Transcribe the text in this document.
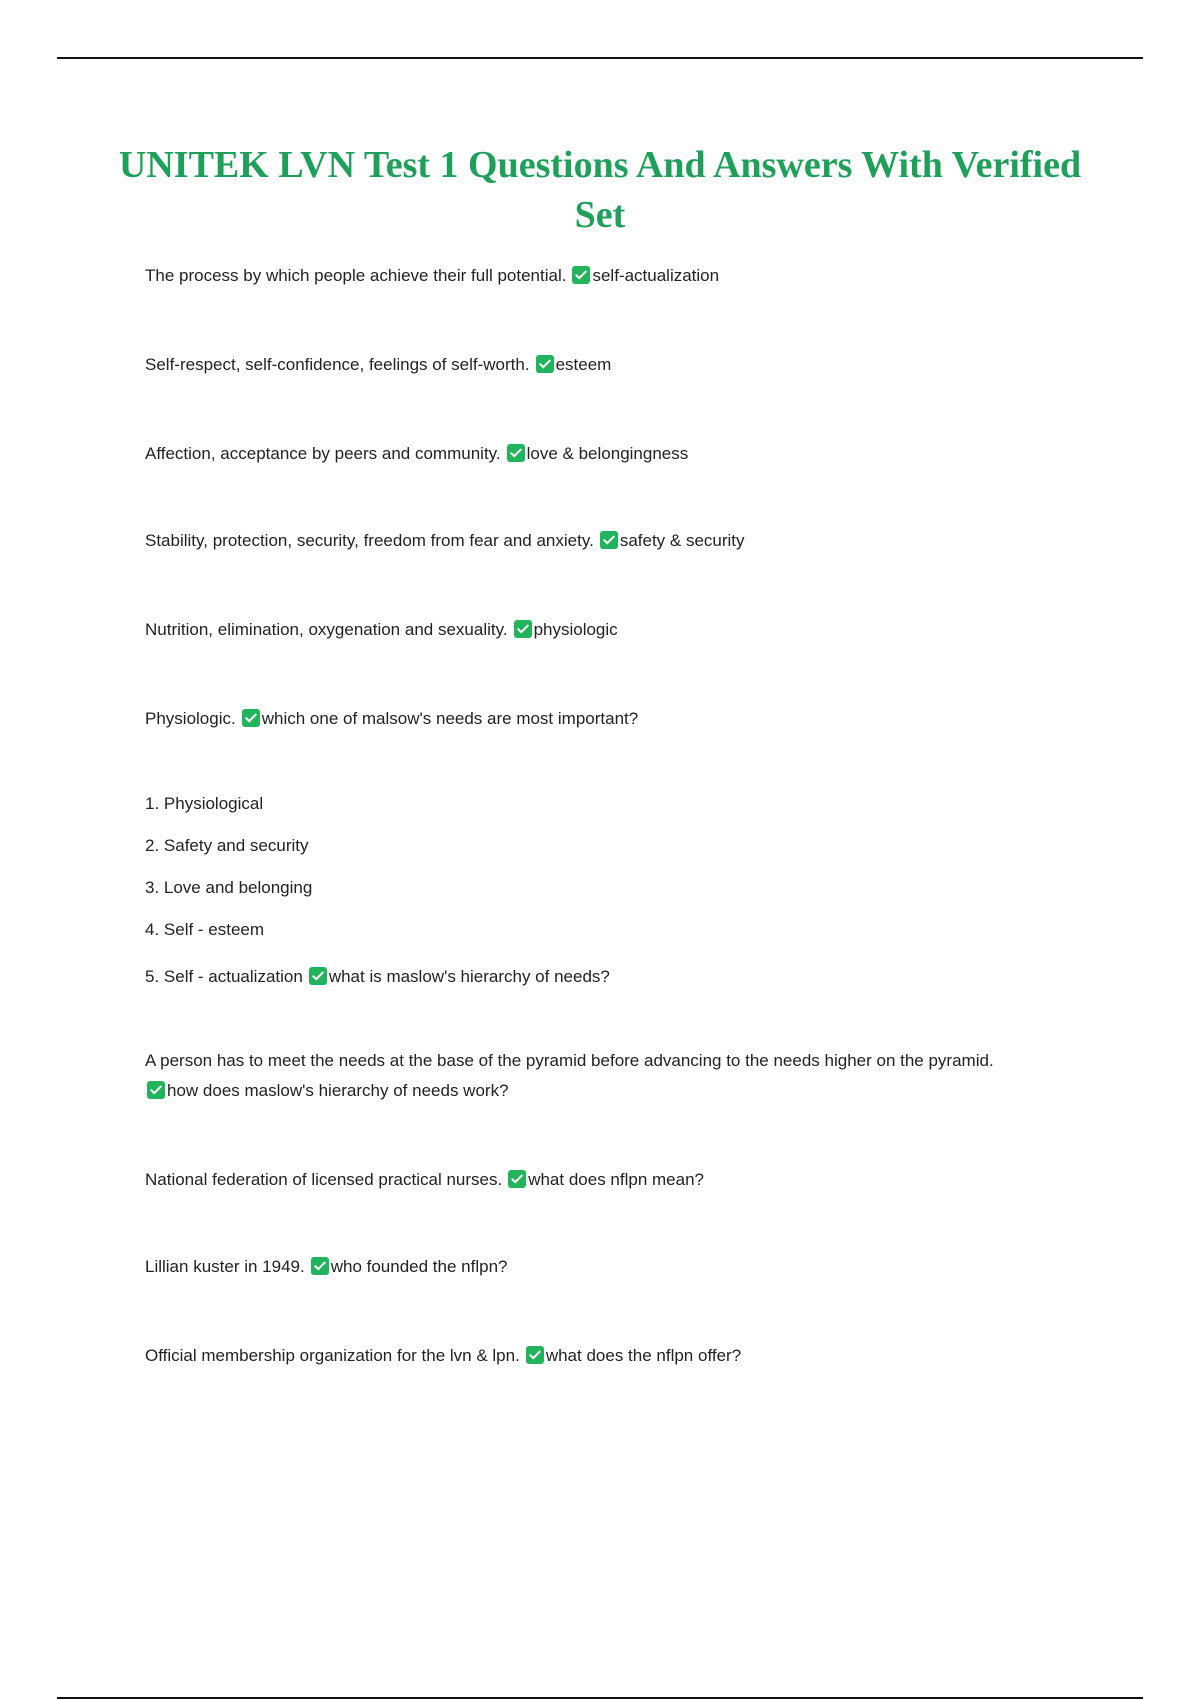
UNITEK LVN Test 1 Questions And Answers With Verified Set
The process by which people achieve their full potential. self-actualization
Self-respect, self-confidence, feelings of self-worth. esteem
Affection, acceptance by peers and community. love & belongingness
Stability, protection, security, freedom from fear and anxiety. safety & security
Nutrition, elimination, oxygenation and sexuality. physiologic
Physiologic. which one of malsow's needs are most important?
1. Physiological
2. Safety and security
3. Love and belonging
4. Self - esteem
5. Self - actualization what is maslow's hierarchy of needs?
A person has to meet the needs at the base of the pyramid before advancing to the needs higher on the pyramid.
how does maslow's hierarchy of needs work?
National federation of licensed practical nurses. what does nflpn mean?
Lillian kuster in 1949. who founded the nflpn?
Official membership organization for the lvn & lpn. what does the nflpn offer?
